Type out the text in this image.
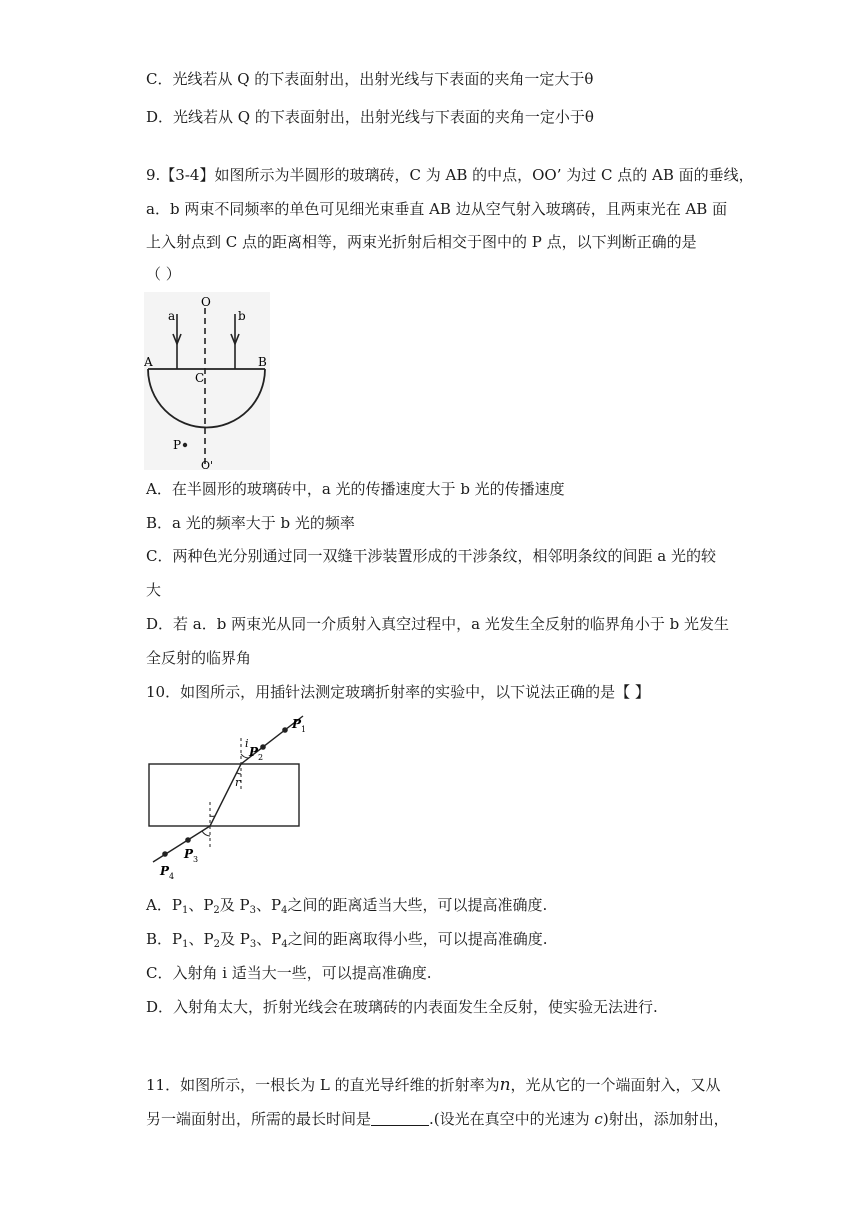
C．光线若从 Q 的下表面射出，出射光线与下表面的夹角一定大于θ
D．光线若从 Q 的下表面射出，出射光线与下表面的夹角一定小于θ
9.【3-4】如图所示为半圆形的玻璃砖，C 为 AB 的中点，OO’ 为过 C 点的 AB 面的垂线，
a．b 两束不同频率的单色可见细光束垂直 AB 边从空气射入玻璃砖，且两束光在 AB 面
上入射点到 C 点的距离相等，两束光折射后相交于图中的 P 点，以下判断正确的是
（ ）
O
a	b
A	B
C
P
O'
A．在半圆形的玻璃砖中，a 光的传播速度大于 b 光的传播速度
B．a 光的频率大于 b 光的频率
C．两种色光分别通过同一双缝干涉装置形成的干涉条纹，相邻明条纹的间距 a 光的较
大
D．若 a．b 两束光从同一介质射入真空过程中，a 光发生全反射的临界角小于 b 光发生
全反射的临界角
10．如图所示，用插针法测定玻璃折射率的实验中，以下说法正确的是【 】
P 1
P 2
P 3
P 4
i
r
A．$P_1$、$P_2$及 $P_3$、$P_4$之间的距离适当大些，可以提高准确度.
B．$P_1$、$P_2$及 $P_3$、$P_4$之间的距离取得小些，可以提高准确度.
C．入射角 i 适当大一些，可以提高准确度.
D．入射角太大，折射光线会在玻璃砖的内表面发生全反射，使实验无法进行.
11．如图所示，一根长为 L 的直光导纤维的折射率为n，光从它的一个端面射入，又从
另一端面射出，所需的最长时间是	.(设光在真空中的光速为 c)射出，添加射出，
